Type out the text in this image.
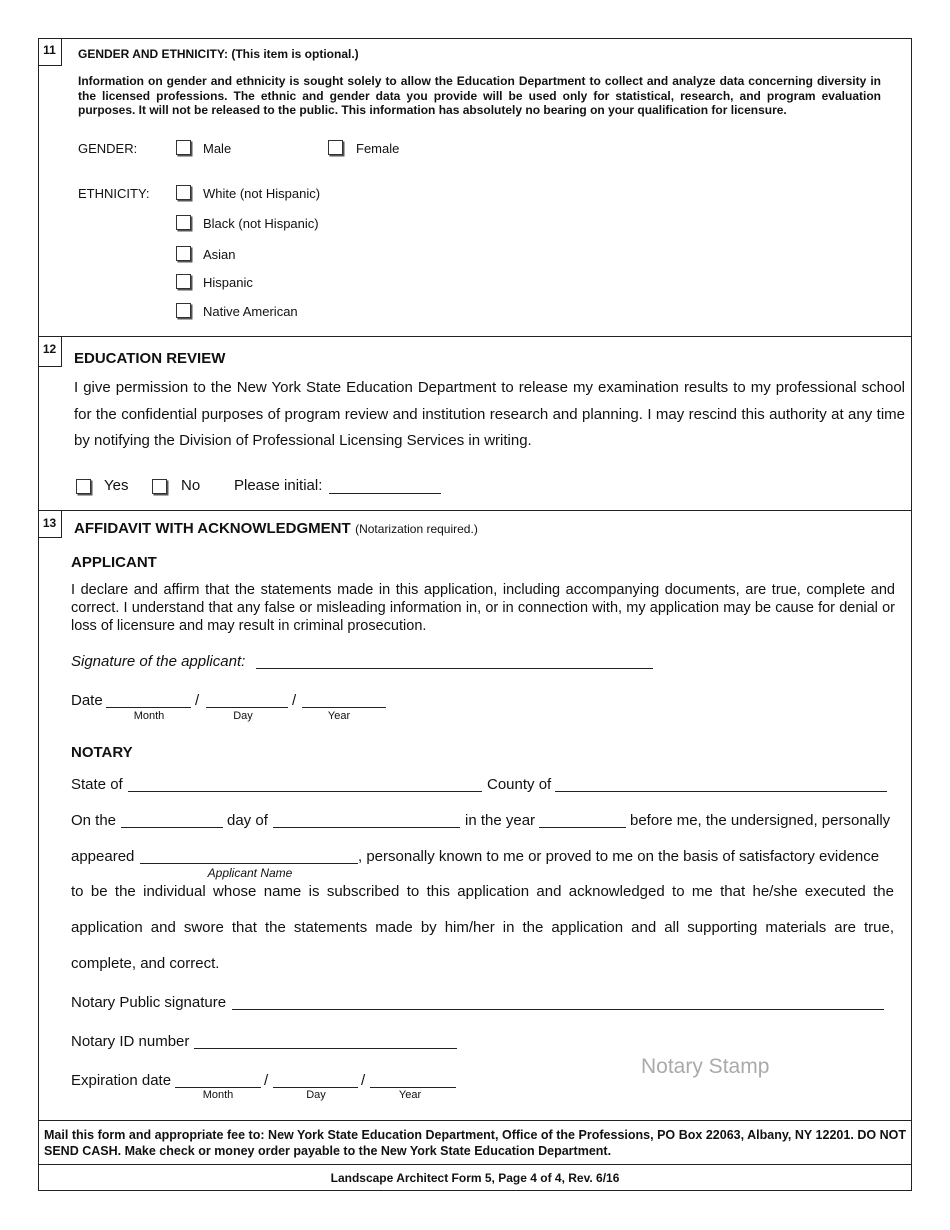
11	GENDER AND ETHNICITY: (This item is optional.)
Information on gender and ethnicity is sought solely to allow the Education Department to collect and analyze data concerning diversity in the licensed professions. The ethnic and gender data you provide will be used only for statistical, research, and program evaluation purposes. It will not be released to the public. This information has absolutely no bearing on your qualification for licensure.
GENDER:	Male	Female
ETHNICITY:	White (not Hispanic)
Black (not Hispanic)
Asian
Hispanic
Native American
12
EDUCATION REVIEW
I give permission to the New York State Education Department to release my examination results to my professional school for the confidential purposes of program review and institution research and planning. I may rescind this authority at any time by notifying the Division of Professional Licensing Services in writing.
Yes	No Please initial:
13	AFFIDAVIT WITH ACKNOWLEDGMENT (Notarization required.)
APPLICANT
I declare and affirm that the statements made in this application, including accompanying documents, are true, complete and correct. I understand that any false or misleading information in, or in connection with, my application may be cause for denial or loss of licensure and may result in criminal prosecution.
Signature of the applicant:
Date	/	/
Month	Day	Year
NOTARY
State of	County of
On the	day of	in the year	before me, the undersigned, personally
appeared	, personally known to me or proved to me on the basis of satisfactory evidence
Applicant Name
to be the individual whose name is subscribed to this application and acknowledged to me that he/she executed the
application and swore that the statements made by him/her in the application and all supporting materials are true,
complete, and correct.
Notary Public signature
Notary ID number
Notary Stamp
Expiration date	/	/
Month	Day	Year
Mail this form and appropriate fee to: New York State Education Department, Office of the Professions, PO Box 22063, Albany, NY 12201. DO NOT SEND CASH. Make check or money order payable to the New York State Education Department.
Landscape Architect Form 5, Page 4 of 4, Rev. 6/16
